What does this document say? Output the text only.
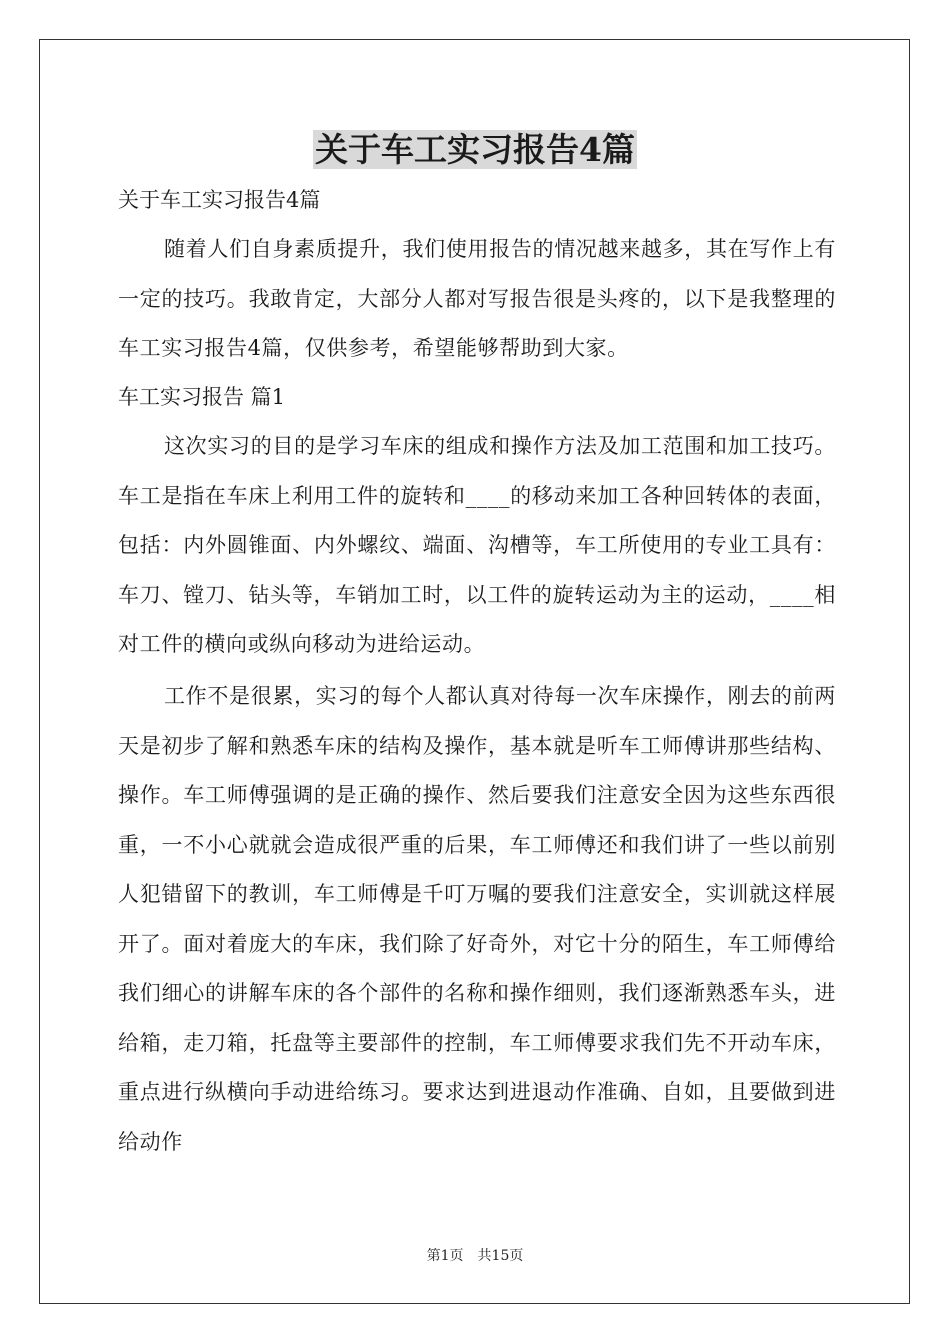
关于车工实习报告4篇
关于车工实习报告4篇
随着人们自身素质提升，我们使用报告的情况越来越多，其在写作上有一定的技巧。我敢肯定，大部分人都对写报告很是头疼的，以下是我整理的车工实习报告4篇，仅供参考，希望能够帮助到大家。
车工实习报告 篇1
这次实习的目的是学习车床的组成和操作方法及加工范围和加工技巧。车工是指在车床上利用工件的旋转和____的移动来加工各种回转体的表面，包括：内外圆锥面、内外螺纹、端面、沟槽等，车工所使用的专业工具有：车刀、镗刀、钻头等，车销加工时，以工件的旋转运动为主的运动，____相对工件的横向或纵向移动为进给运动。
工作不是很累，实习的每个人都认真对待每一次车床操作，刚去的前两天是初步了解和熟悉车床的结构及操作，基本就是听车工师傅讲那些结构、操作。车工师傅强调的是正确的操作、然后要我们注意安全因为这些东西很重，一不小心就就会造成很严重的后果，车工师傅还和我们讲了一些以前别人犯错留下的教训，车工师傅是千叮万嘱的要我们注意安全，实训就这样展开了。面对着庞大的车床，我们除了好奇外，对它十分的陌生，车工师傅给我们细心的讲解车床的各个部件的名称和操作细则，我们逐渐熟悉车头，进给箱，走刀箱，托盘等主要部件的控制，车工师傅要求我们先不开动车床，重点进行纵横向手动进给练习。要求达到进退动作准确、自如，且要做到进给动作
第1页 共15页
